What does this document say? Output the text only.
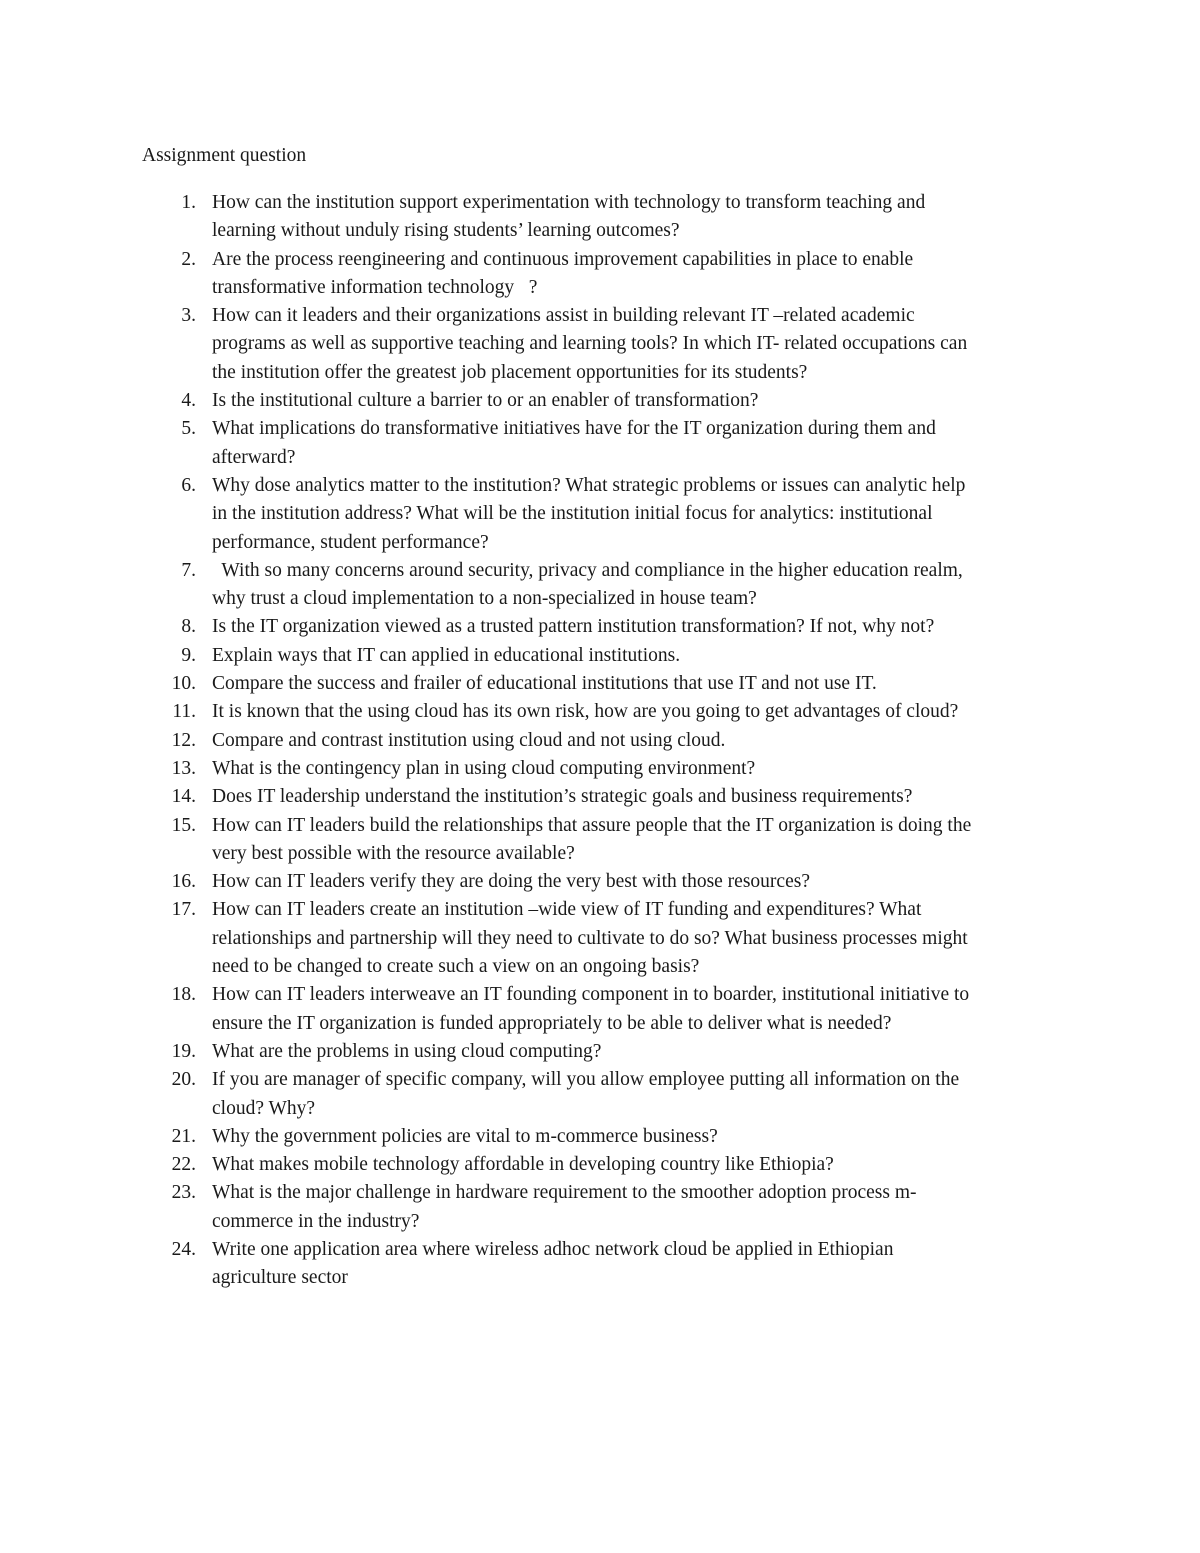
Assignment question
1. How can the institution support experimentation with technology to transform teaching and
learning without unduly rising students’ learning outcomes?
2. Are the process reengineering and continuous improvement capabilities in place to enable
transformative information technology   ?
3. How can it leaders and their organizations assist in building relevant IT –related academic
programs as well as supportive teaching and learning tools? In which IT- related occupations can
the institution offer the greatest job placement opportunities for its students?
4. Is the institutional culture a barrier to or an enabler of transformation?
5. What implications do transformative initiatives have for the IT organization during them and
afterward?
6. Why dose analytics matter to the institution? What strategic problems or issues can analytic help
in the institution address? What will be the institution initial focus for analytics: institutional
performance, student performance?
7. With so many concerns around security, privacy and compliance in the higher education realm,
why trust a cloud implementation to a non-specialized in house team?
8. Is the IT organization viewed as a trusted pattern institution transformation? If not, why not?
9. Explain ways that IT can applied in educational institutions.
10. Compare the success and frailer of educational institutions that use IT and not use IT.
11. It is known that the using cloud has its own risk, how are you going to get advantages of cloud?
12. Compare and contrast institution using cloud and not using cloud.
13. What is the contingency plan in using cloud computing environment?
14. Does IT leadership understand the institution’s strategic goals and business requirements?
15. How can IT leaders build the relationships that assure people that the IT organization is doing the
very best possible with the resource available?
16. How can IT leaders verify they are doing the very best with those resources?
17. How can IT leaders create an institution –wide view of IT funding and expenditures? What
relationships and partnership will they need to cultivate to do so? What business processes might
need to be changed to create such a view on an ongoing basis?
18. How can IT leaders interweave an IT founding component in to boarder, institutional initiative to
ensure the IT organization is funded appropriately to be able to deliver what is needed?
19. What are the problems in using cloud computing?
20. If you are manager of specific company, will you allow employee putting all information on the
cloud? Why?
21. Why the government policies are vital to m-commerce business?
22. What makes mobile technology affordable in developing country like Ethiopia?
23. What is the major challenge in hardware requirement to the smoother adoption process m-
commerce in the industry?
24. Write one application area where wireless adhoc network cloud be applied in Ethiopian
agriculture sector
